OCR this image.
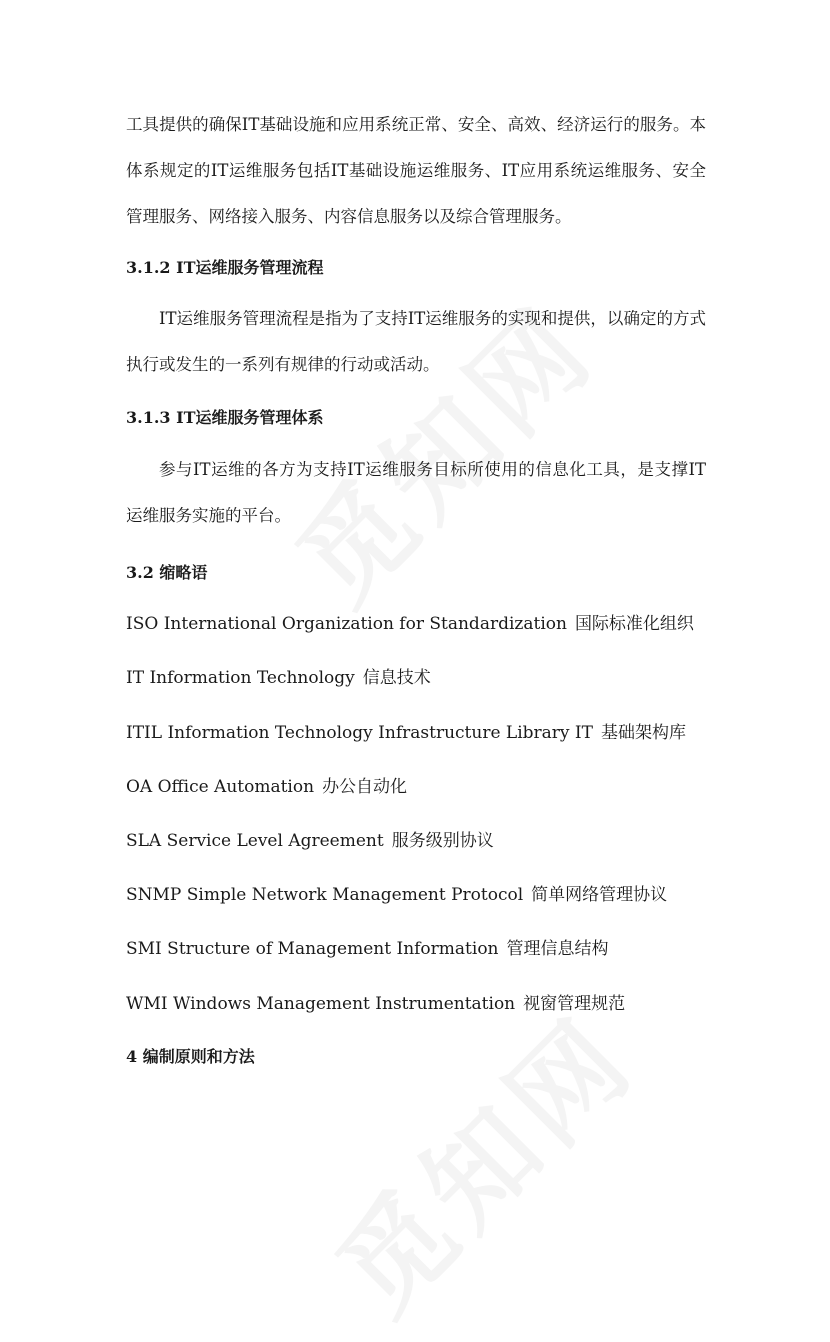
工具提供的确保IT基础设施和应用系统正常、安全、高效、经济运行的服务。本体系规定的IT运维服务包括IT基础设施运维服务、IT应用系统运维服务、安全管理服务、网络接入服务、内容信息服务以及综合管理服务。

3.1.2 IT运维服务管理流程

IT运维服务管理流程是指为了支持IT运维服务的实现和提供，以确定的方式执行或发生的一系列有规律的行动或活动。

3.1.3 IT运维服务管理体系

参与IT运维的各方为支持IT运维服务目标所使用的信息化工具，是支撑IT运维服务实施的平台。

3.2 缩略语

ISO International Organization for Standardization 国际标准化组织

IT Information Technology 信息技术

ITIL Information Technology Infrastructure Library IT 基础架构库

OA Office Automation 办公自动化

SLA Service Level Agreement 服务级别协议

SNMP Simple Network Management Protocol 简单网络管理协议

SMI Structure of Management Information 管理信息结构

WMI Windows Management Instrumentation 视窗管理规范

4 编制原则和方法
